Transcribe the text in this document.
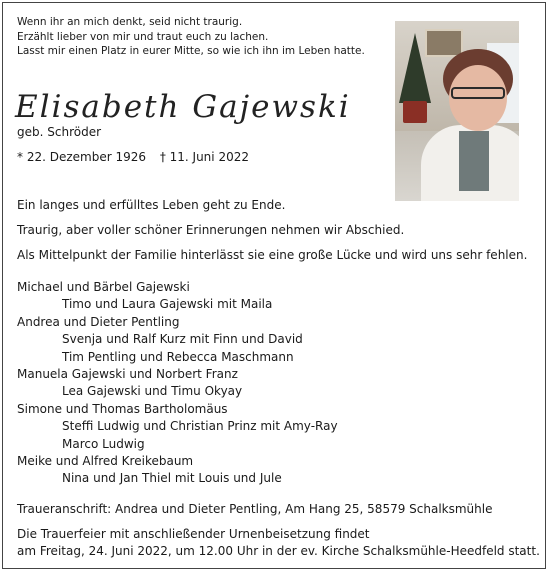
Wenn ihr an mich denkt, seid nicht traurig.
Erzählt lieber von mir und traut euch zu lachen.
Lasst mir einen Platz in eurer Mitte, so wie ich ihn im Leben hatte.
Elisabeth Gajewski
geb. Schröder
* 22. Dezember 1926 † 11. Juni 2022

Ein langes und erfülltes Leben geht zu Ende.

Traurig, aber voller schöner Erinnerungen nehmen wir Abschied.

Als Mittelpunkt der Familie hinterlässt sie eine große Lücke und wird uns sehr fehlen.

Michael und Bärbel Gajewski
Timo und Laura Gajewski mit Maila
Andrea und Dieter Pentling
Svenja und Ralf Kurz mit Finn und David
Tim Pentling und Rebecca Maschmann
Manuela Gajewski und Norbert Franz
Lea Gajewski und Timu Okyay
Simone und Thomas Bartholomäus
Steffi Ludwig und Christian Prinz mit Amy-Ray
Marco Ludwig
Meike und Alfred Kreikebaum
Nina und Jan Thiel mit Louis und Jule
Traueranschrift: Andrea und Dieter Pentling, Am Hang 25, 58579 Schalksmühle
Die Trauerfeier mit anschließender Urnenbeisetzung findet
am Freitag, 24. Juni 2022, um 12.00 Uhr in der ev. Kirche Schalksmühle-Heedfeld statt.
